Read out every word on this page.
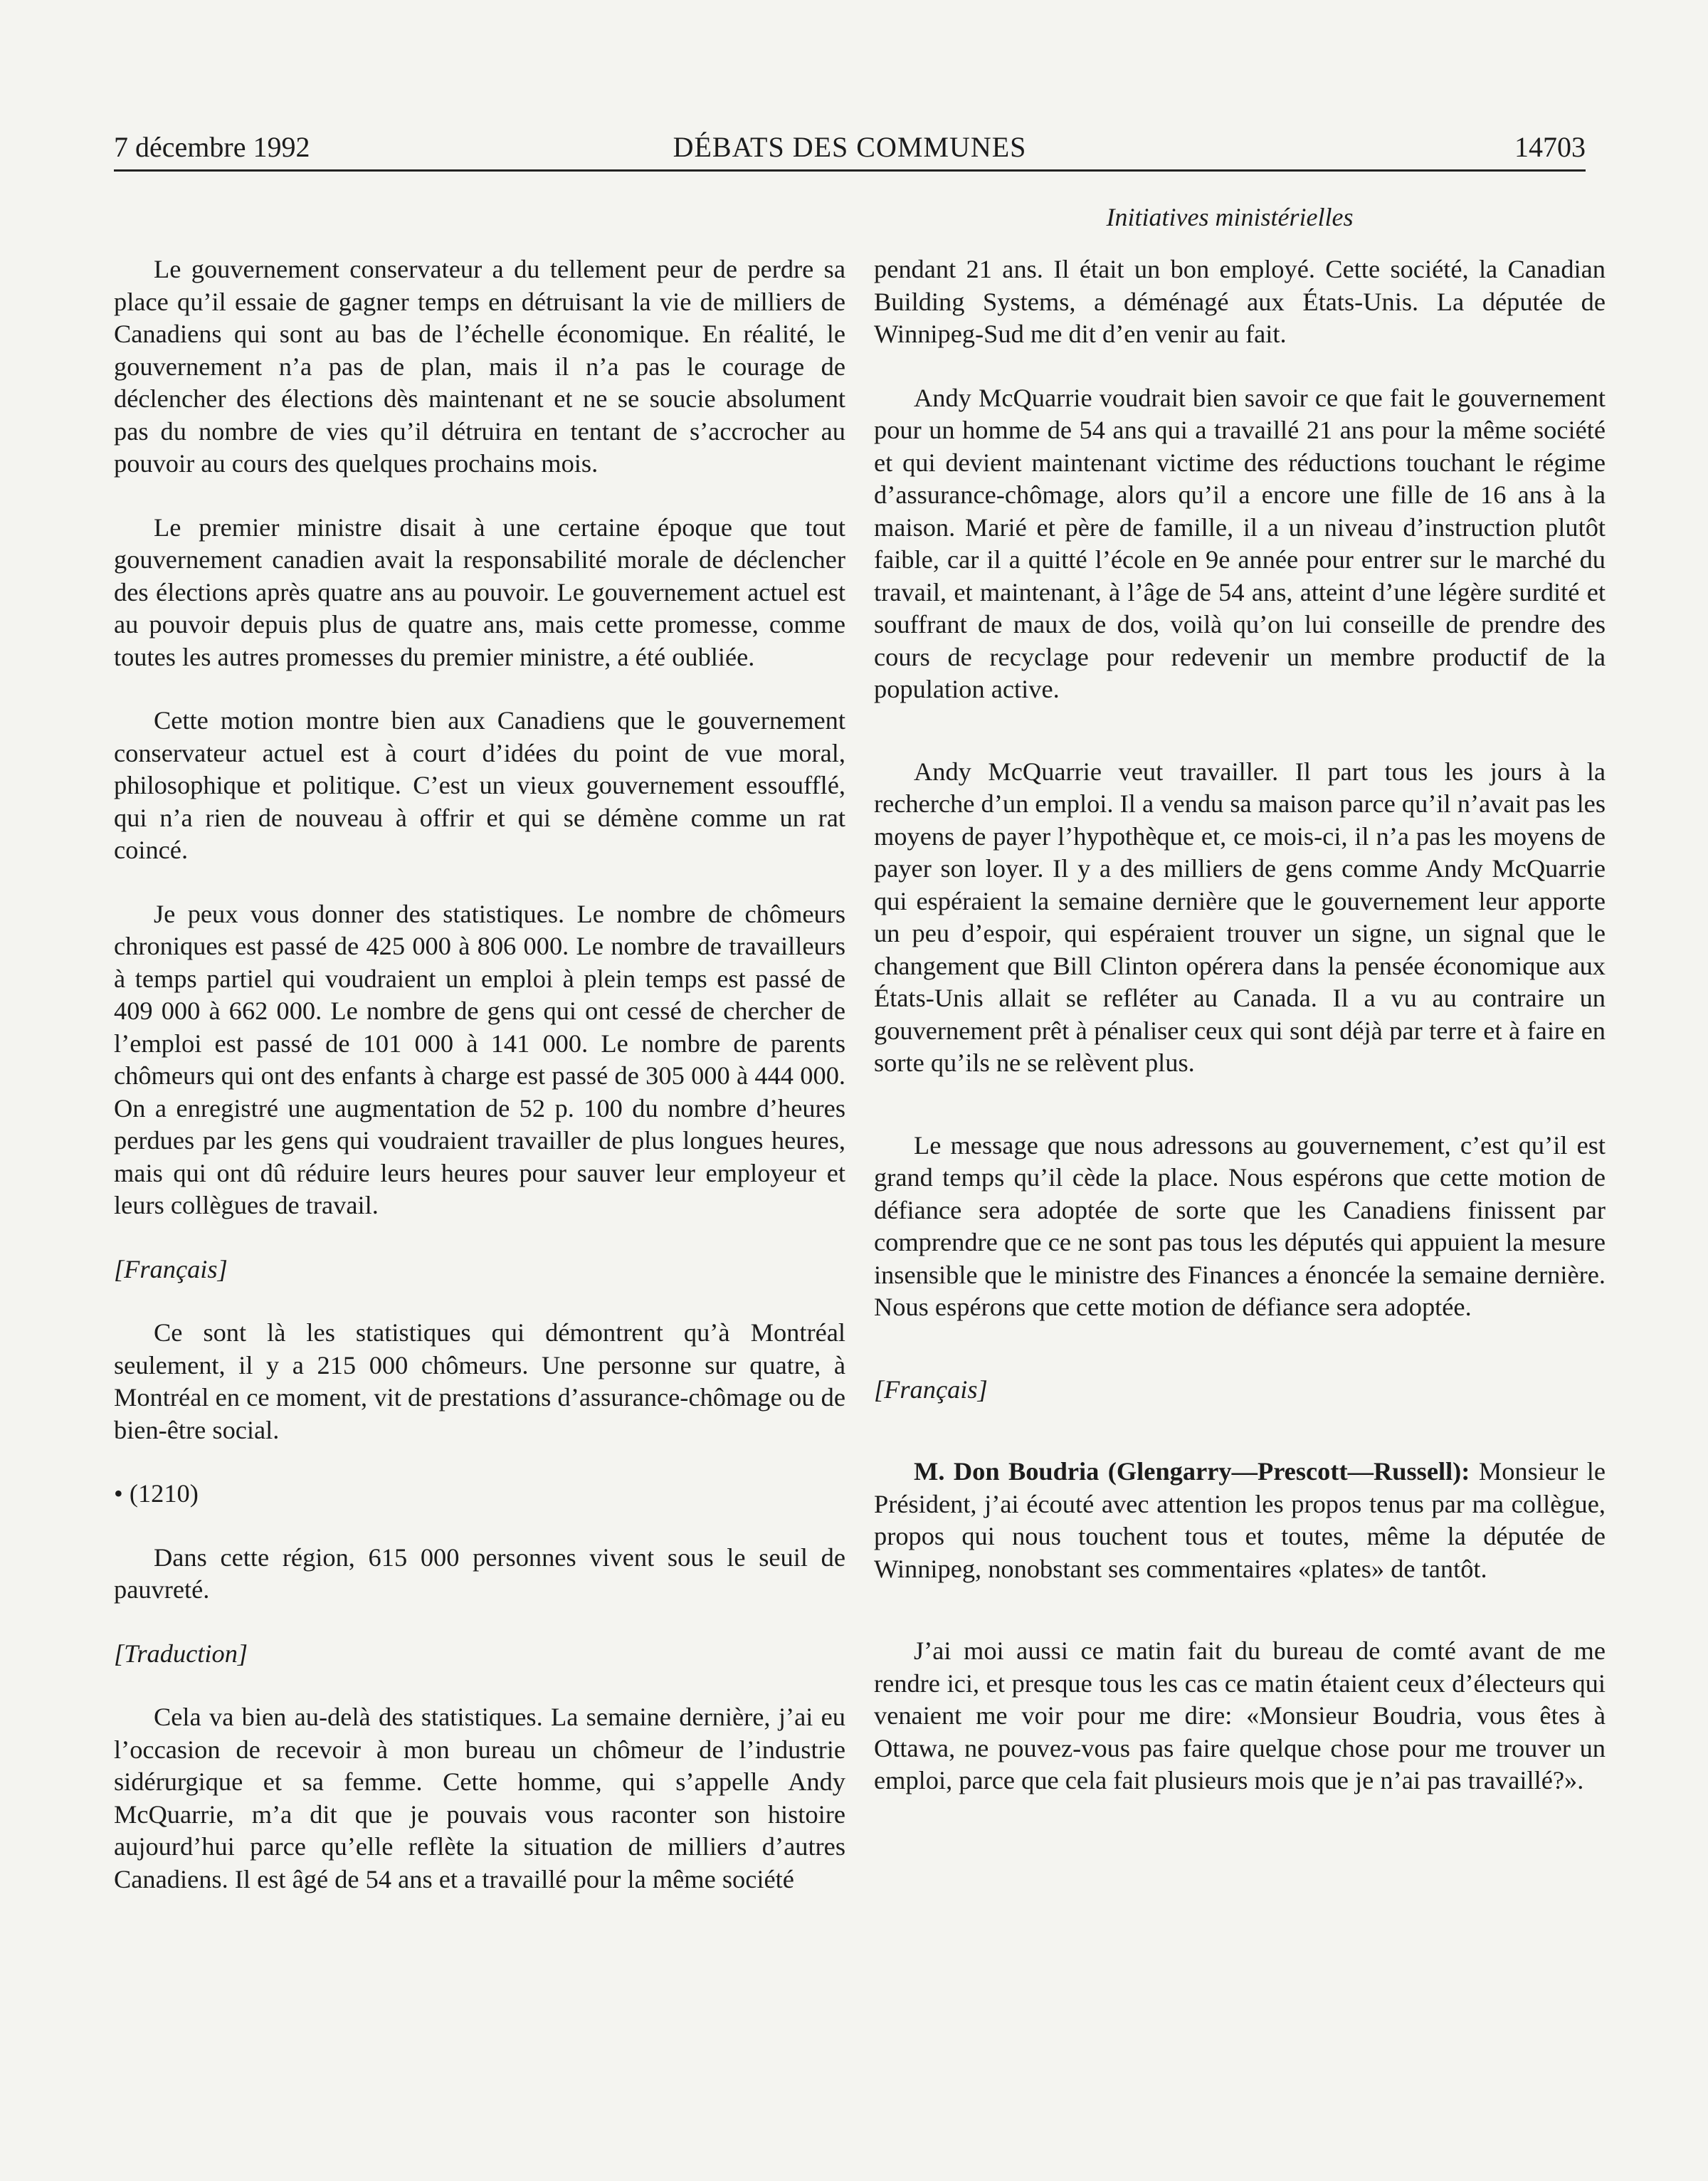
7 décembre 1992	DÉBATS DES COMMUNES	14703
Initiatives ministérielles

Le gouvernement conservateur a du tellement peur de perdre sa place qu’il essaie de gagner temps en détruisant la vie de milliers de Canadiens qui sont au bas de l’échelle économique. En réalité, le gouvernement n’a pas de plan, mais il n’a pas le courage de déclencher des élections dès maintenant et ne se soucie absolument pas du nombre de vies qu’il détruira en tentant de s’accrocher au pouvoir au cours des quelques prochains mois.

Le premier ministre disait à une certaine époque que tout gouvernement canadien avait la responsabilité morale de déclencher des élections après quatre ans au pouvoir. Le gouvernement actuel est au pouvoir depuis plus de quatre ans, mais cette promesse, comme toutes les autres promesses du premier ministre, a été oubliée.

Cette motion montre bien aux Canadiens que le gouvernement conservateur actuel est à court d’idées du point de vue moral, philosophique et politique. C’est un vieux gouvernement essoufflé, qui n’a rien de nouveau à offrir et qui se démène comme un rat coincé.

Je peux vous donner des statistiques. Le nombre de chômeurs chroniques est passé de 425 000 à 806 000. Le nombre de travailleurs à temps partiel qui voudraient un emploi à plein temps est passé de 409 000 à 662 000. Le nombre de gens qui ont cessé de chercher de l’emploi est passé de 101 000 à 141 000. Le nombre de parents chômeurs qui ont des enfants à charge est passé de 305 000 à 444 000. On a enregistré une augmentation de 52 p. 100 du nombre d’heures perdues par les gens qui voudraient travailler de plus longues heures, mais qui ont dû réduire leurs heures pour sauver leur employeur et leurs collègues de travail.

[Français]

Ce sont là les statistiques qui démontrent qu’à Montréal seulement, il y a 215 000 chômeurs. Une personne sur quatre, à Montréal en ce moment, vit de prestations d’assurance-chômage ou de bien-être social.

• (1210)

Dans cette région, 615 000 personnes vivent sous le seuil de pauvreté.

[Traduction]

Cela va bien au-delà des statistiques. La semaine dernière, j’ai eu l’occasion de recevoir à mon bureau un chômeur de l’industrie sidérurgique et sa femme. Cette homme, qui s’appelle Andy McQuarrie, m’a dit que je pouvais vous raconter son histoire aujourd’hui parce qu’elle reflète la situation de milliers d’autres Canadiens. Il est âgé de 54 ans et a travaillé pour la même société

pendant 21 ans. Il était un bon employé. Cette société, la Canadian Building Systems, a déménagé aux États-Unis. La députée de Winnipeg-Sud me dit d’en venir au fait.

Andy McQuarrie voudrait bien savoir ce que fait le gouvernement pour un homme de 54 ans qui a travaillé 21 ans pour la même société et qui devient maintenant victime des réductions touchant le régime d’assurance-chômage, alors qu’il a encore une fille de 16 ans à la maison. Marié et père de famille, il a un niveau d’instruction plutôt faible, car il a quitté l’école en 9e année pour entrer sur le marché du travail, et maintenant, à l’âge de 54 ans, atteint d’une légère surdité et souffrant de maux de dos, voilà qu’on lui conseille de prendre des cours de recyclage pour redevenir un membre productif de la population active.

Andy McQuarrie veut travailler. Il part tous les jours à la recherche d’un emploi. Il a vendu sa maison parce qu’il n’avait pas les moyens de payer l’hypothèque et, ce mois-ci, il n’a pas les moyens de payer son loyer. Il y a des milliers de gens comme Andy McQuarrie qui espéraient la semaine dernière que le gouvernement leur apporte un peu d’espoir, qui espéraient trouver un signe, un signal que le changement que Bill Clinton opérera dans la pensée économique aux États-Unis allait se refléter au Canada. Il a vu au contraire un gouvernement prêt à pénaliser ceux qui sont déjà par terre et à faire en sorte qu’ils ne se relèvent plus.

Le message que nous adressons au gouvernement, c’est qu’il est grand temps qu’il cède la place. Nous espérons que cette motion de défiance sera adoptée de sorte que les Canadiens finissent par comprendre que ce ne sont pas tous les députés qui appuient la mesure insensible que le ministre des Finances a énoncée la semaine dernière. Nous espérons que cette motion de défiance sera adoptée.

[Français]

M. Don Boudria (Glengarry—Prescott—Russell): Monsieur le Président, j’ai écouté avec attention les propos tenus par ma collègue, propos qui nous touchent tous et toutes, même la députée de Winnipeg, nonobstant ses commentaires «plates» de tantôt.

J’ai moi aussi ce matin fait du bureau de comté avant de me rendre ici, et presque tous les cas ce matin étaient ceux d’électeurs qui venaient me voir pour me dire: «Monsieur Boudria, vous êtes à Ottawa, ne pouvez-vous pas faire quelque chose pour me trouver un emploi, parce que cela fait plusieurs mois que je n’ai pas travaillé?».
